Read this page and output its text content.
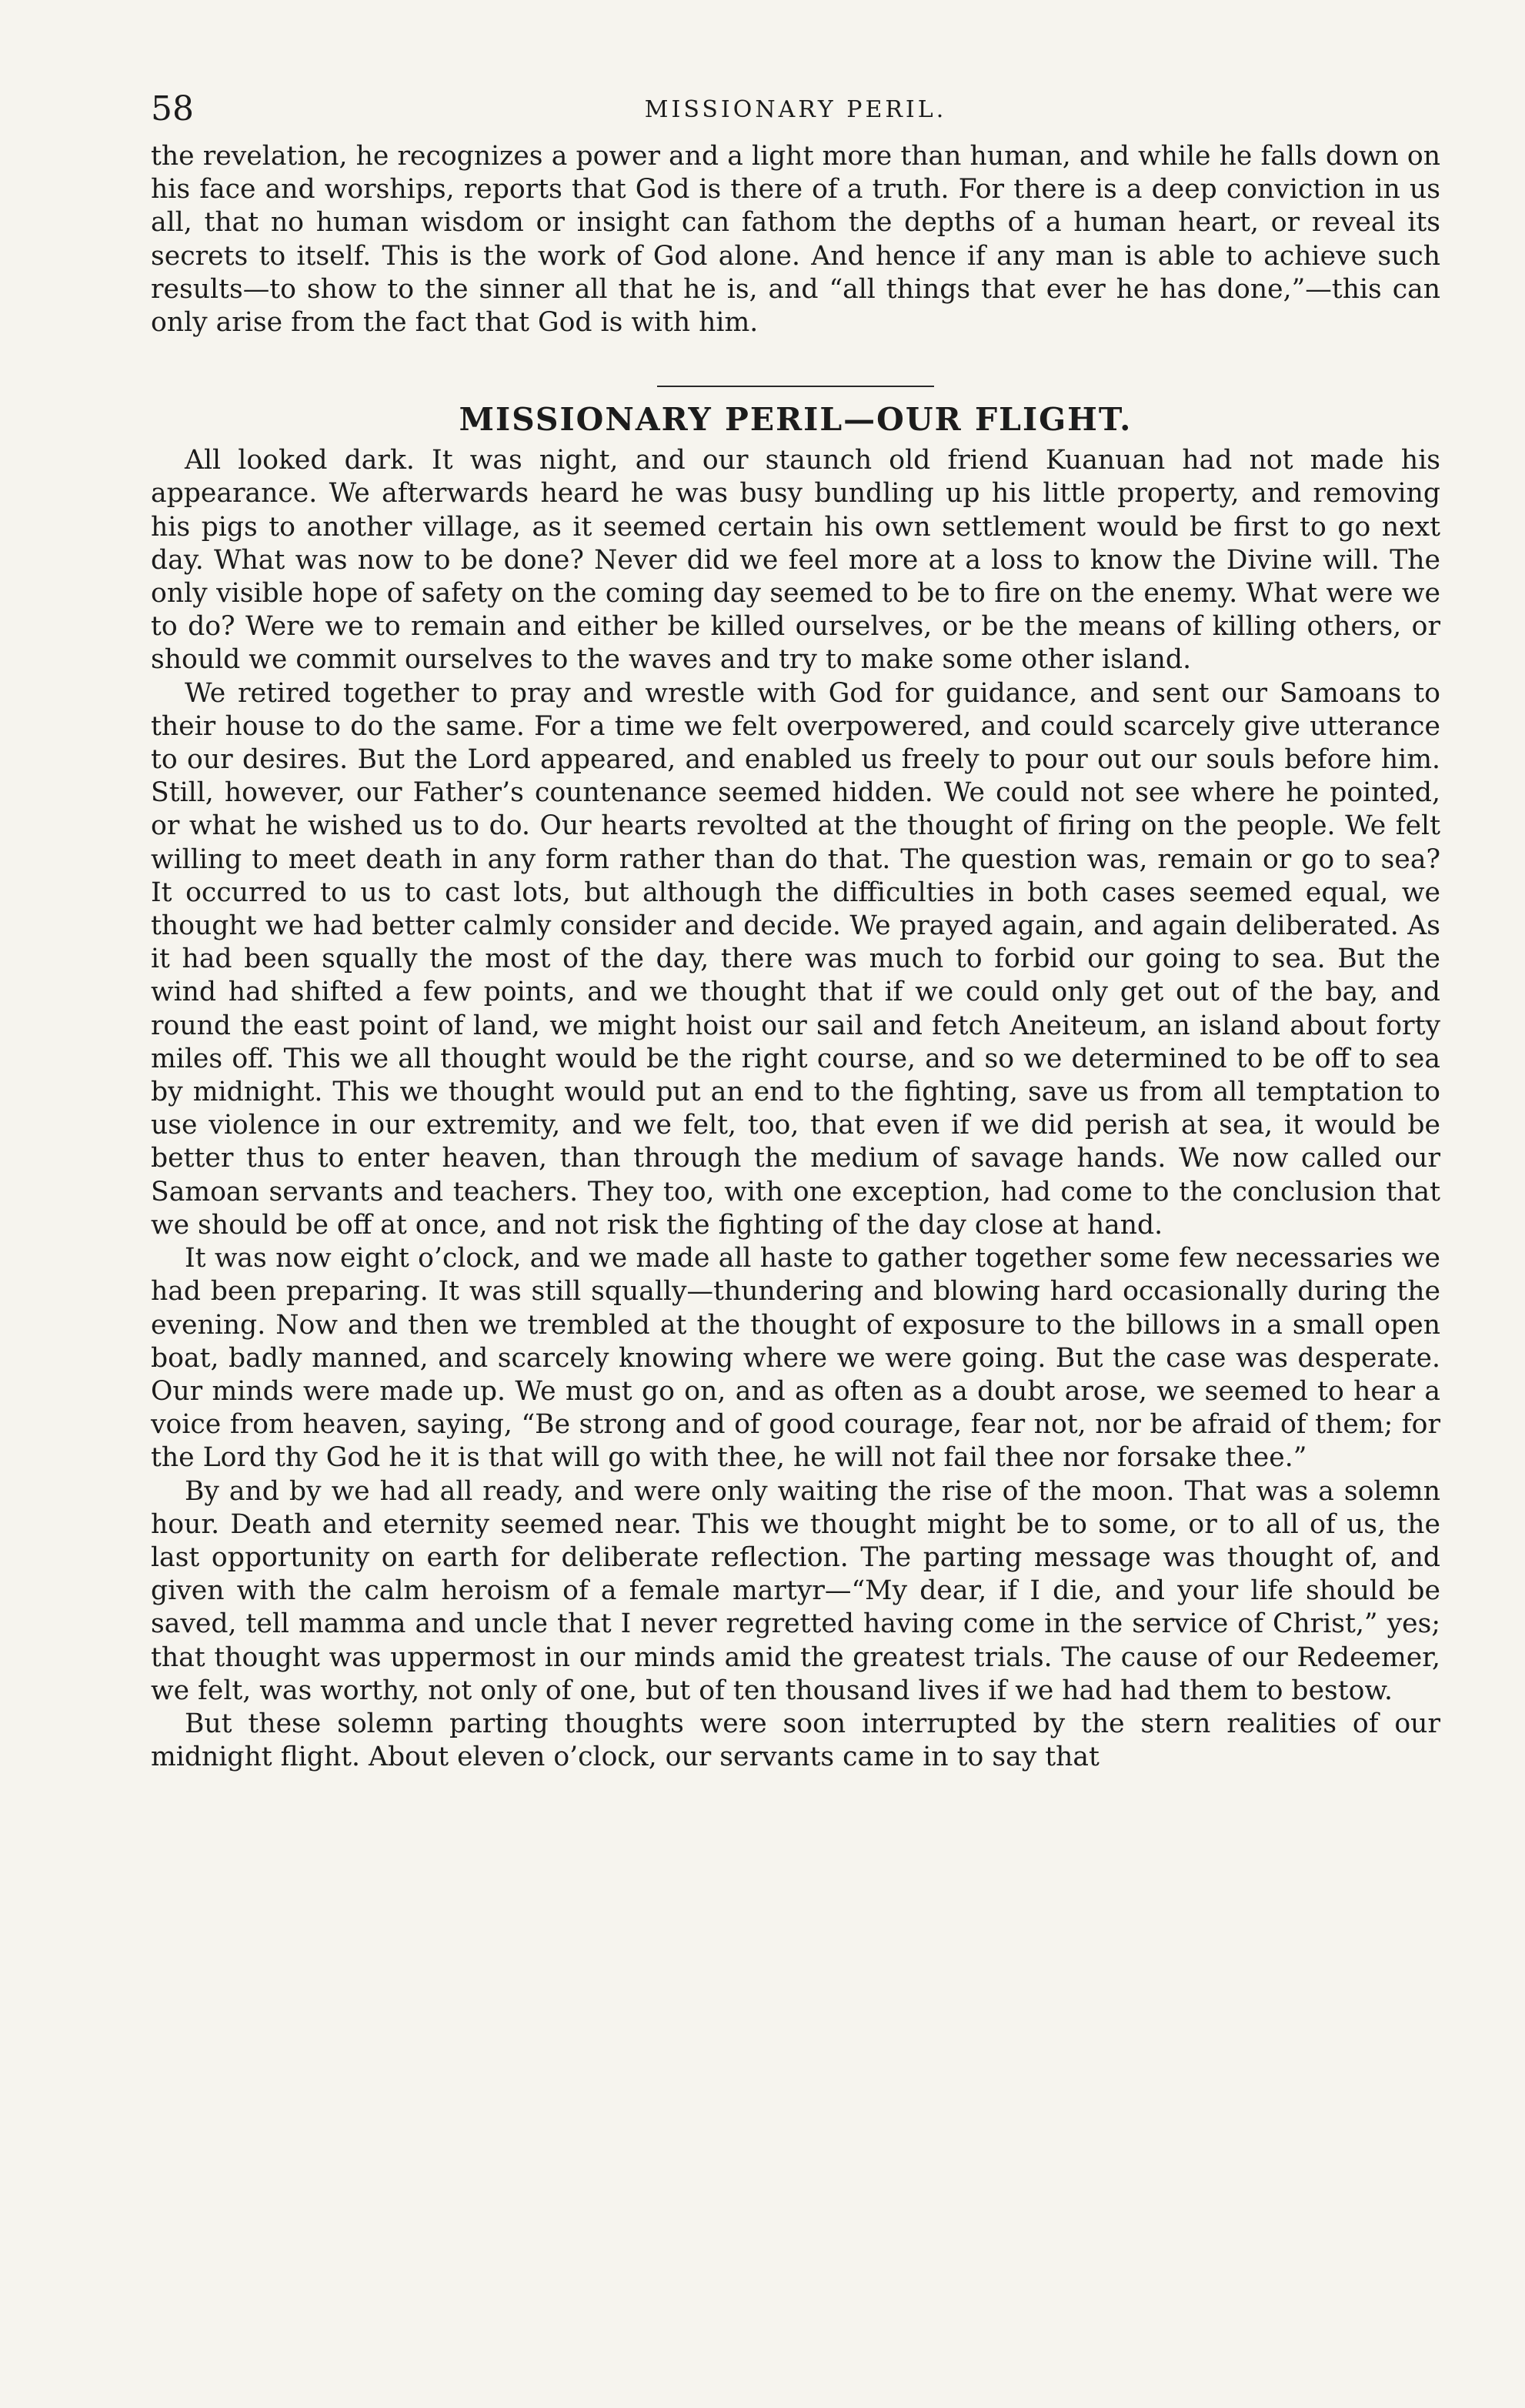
58	MISSIONARY PERIL.

the revelation, he recognizes a power and a light more than human, and while he falls down on his face and worships, reports that God is there of a truth. For there is a deep conviction in us all, that no human wisdom or insight can fathom the depths of a human heart, or reveal its secrets to itself. This is the work of God alone. And hence if any man is able to achieve such results—to show to the sinner all that he is, and “all things that ever he has done,”—this can only arise from the fact that God is with him.

MISSIONARY PERIL—OUR FLIGHT.

All looked dark. It was night, and our staunch old friend Kuanuan had not made his appearance. We afterwards heard he was busy bundling up his little property, and removing his pigs to another village, as it seemed certain his own settlement would be first to go next day. What was now to be done? Never did we feel more at a loss to know the Divine will. The only visible hope of safety on the coming day seemed to be to fire on the enemy. What were we to do? Were we to remain and either be killed ourselves, or be the means of killing others, or should we commit ourselves to the waves and try to make some other island.

We retired together to pray and wrestle with God for guidance, and sent our Samoans to their house to do the same. For a time we felt overpowered, and could scarcely give utterance to our desires. But the Lord appeared, and enabled us freely to pour out our souls before him. Still, however, our Father’s countenance seemed hidden. We could not see where he pointed, or what he wished us to do. Our hearts revolted at the thought of firing on the people. We felt willing to meet death in any form rather than do that. The question was, remain or go to sea? It occurred to us to cast lots, but although the difficulties in both cases seemed equal, we thought we had better calmly consider and decide. We prayed again, and again deliberated. As it had been squally the most of the day, there was much to forbid our going to sea. But the wind had shifted a few points, and we thought that if we could only get out of the bay, and round the east point of land, we might hoist our sail and fetch Aneiteum, an island about forty miles off. This we all thought would be the right course, and so we determined to be off to sea by midnight. This we thought would put an end to the fighting, save us from all temptation to use violence in our extremity, and we felt, too, that even if we did perish at sea, it would be better thus to enter heaven, than through the medium of savage hands. We now called our Samoan servants and teachers. They too, with one exception, had come to the conclusion that we should be off at once, and not risk the fighting of the day close at hand.

It was now eight o’clock, and we made all haste to gather together some few necessaries we had been preparing. It was still squally—thundering and blowing hard occasionally during the evening. Now and then we trembled at the thought of exposure to the billows in a small open boat, badly manned, and scarcely knowing where we were going. But the case was desperate. Our minds were made up. We must go on, and as often as a doubt arose, we seemed to hear a voice from heaven, saying, “Be strong and of good courage, fear not, nor be afraid of them; for the Lord thy God he it is that will go with thee, he will not fail thee nor forsake thee.”

By and by we had all ready, and were only waiting the rise of the moon. That was a solemn hour. Death and eternity seemed near. This we thought might be to some, or to all of us, the last opportunity on earth for deliberate reflection. The parting message was thought of, and given with the calm heroism of a female martyr—“My dear, if I die, and your life should be saved, tell mamma and uncle that I never regretted having come in the service of Christ,” yes; that thought was uppermost in our minds amid the greatest trials. The cause of our Redeemer, we felt, was worthy, not only of one, but of ten thousand lives if we had had them to bestow.

But these solemn parting thoughts were soon interrupted by the stern realities of our midnight flight. About eleven o’clock, our servants came in to say that
